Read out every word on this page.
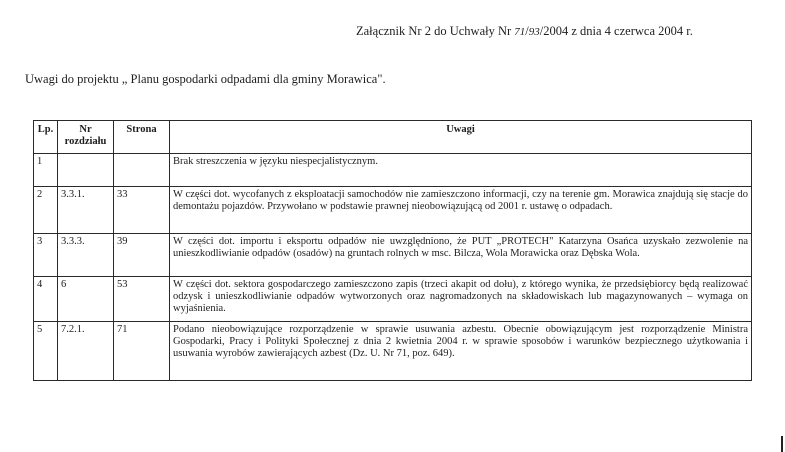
Załącznik Nr 2 do Uchwały Nr 71/93/2004 z dnia 4 czerwca 2004 r.
Uwagi do projektu „ Planu gospodarki odpadami dla gminy Morawica".
Lp.	Nr rozdziału	Strona	Uwagi
1			Brak streszczenia w języku niespecjalistycznym.
2	3.3.1.	33	W części dot. wycofanych z eksploatacji samochodów nie zamieszczono informacji, czy na terenie gm. Morawica znajdują się stacje do demontażu pojazdów. Przywołano w podstawie prawnej nieobowiązującą od 2001 r. ustawę o odpadach.
3	3.3.3.	39	W części dot. importu i eksportu odpadów nie uwzględniono, że PUT „PROTECH" Katarzyna Osańca uzyskało zezwolenie na unieszkodliwianie odpadów (osadów) na gruntach rolnych w msc. Bilcza, Wola Morawicka oraz Dębska Wola.
4	6	53	W części dot. sektora gospodarczego zamieszczono zapis (trzeci akapit od dołu), z którego wynika, że przedsiębiorcy będą realizować odzysk i unieszkodliwianie odpadów wytworzonych oraz nagromadzonych na składowiskach lub magazynowanych – wymaga on wyjaśnienia.
5	7.2.1.	71	Podano nieobowiązujące rozporządzenie w sprawie usuwania azbestu. Obecnie obowiązującym jest rozporządzenie Ministra Gospodarki, Pracy i Polityki Społecznej z dnia 2 kwietnia 2004 r. w sprawie sposobów i warunków bezpiecznego użytkowania i usuwania wyrobów zawierających azbest (Dz. U. Nr 71, poz. 649).
